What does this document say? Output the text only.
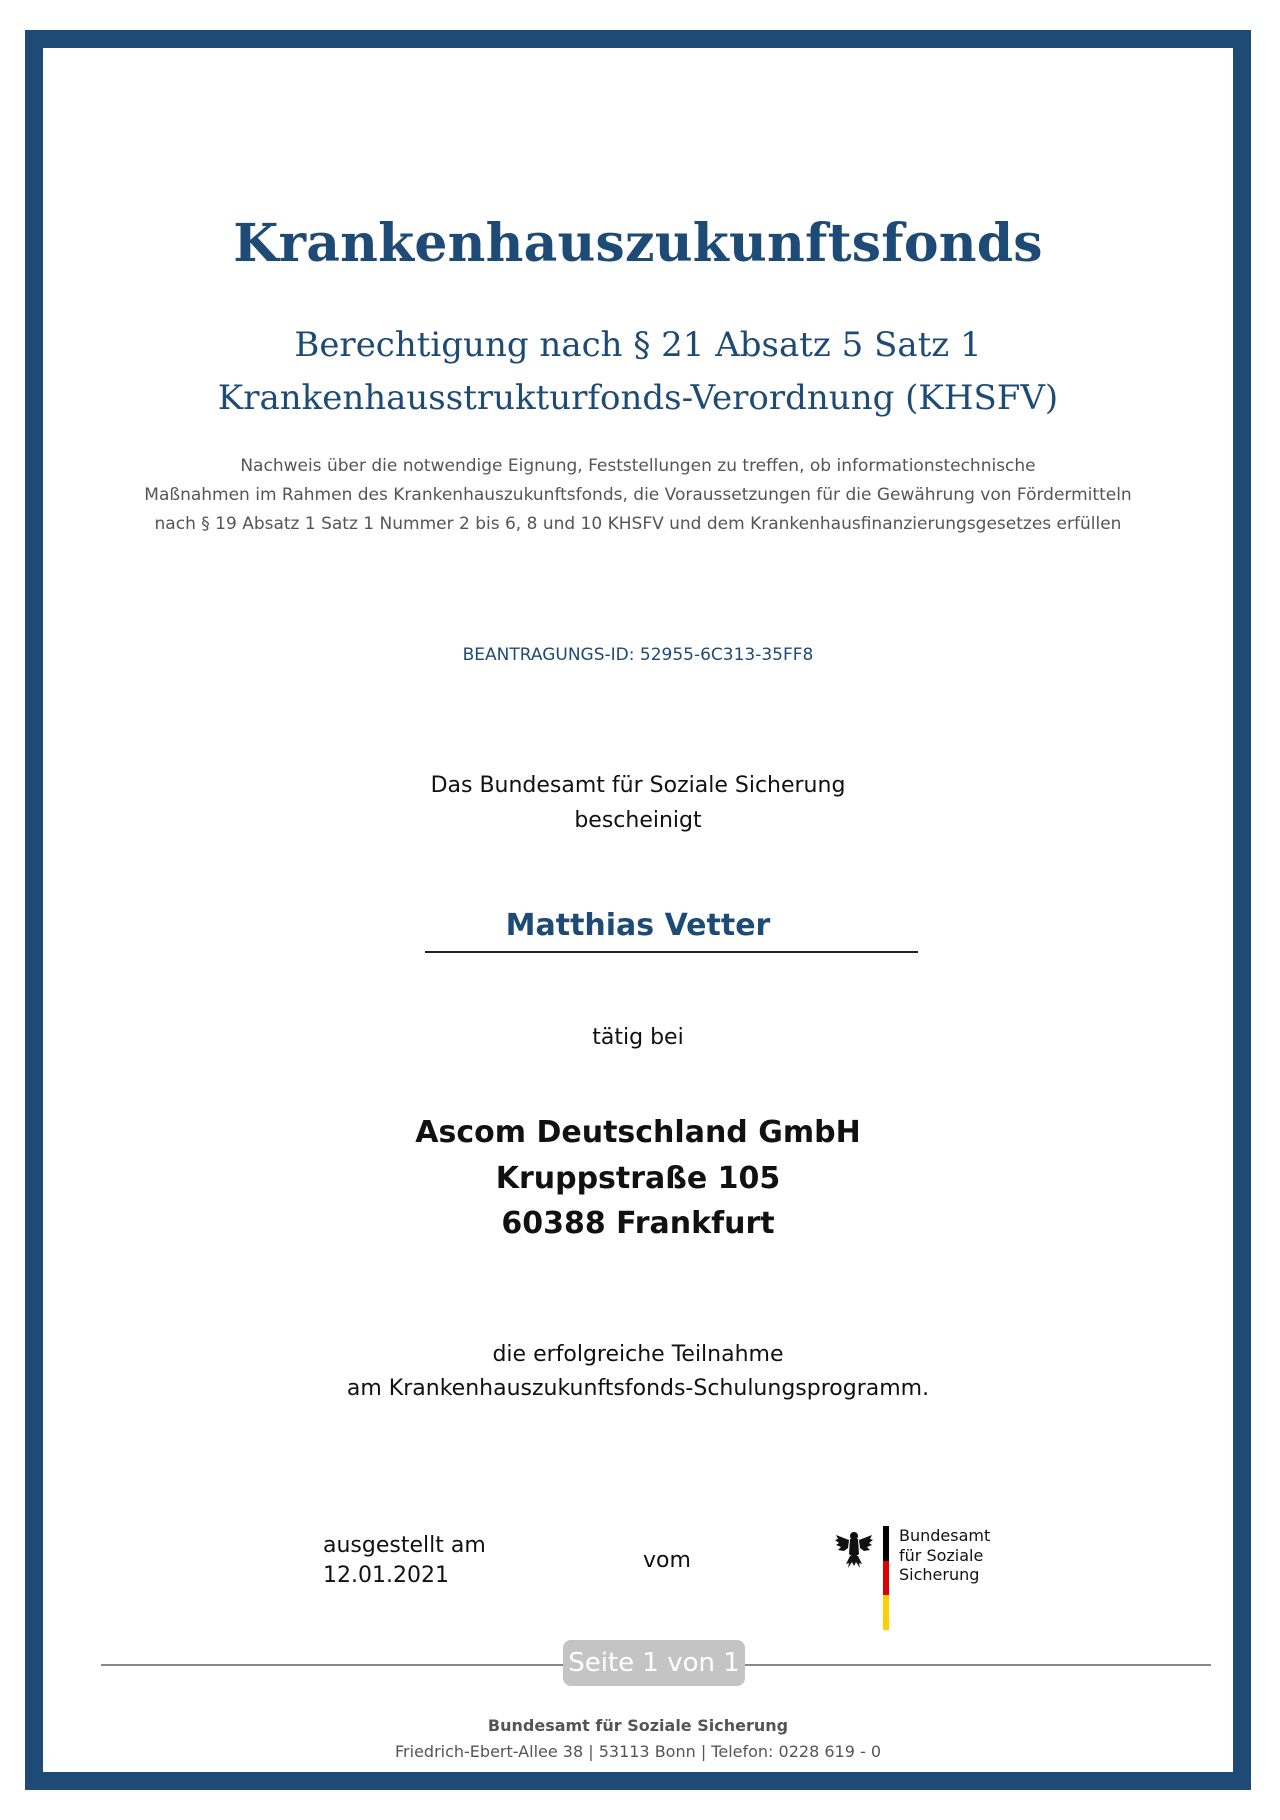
Krankenhauszukunftsfonds
Berechtigung nach § 21 Absatz 5 Satz 1
Krankenhausstrukturfonds-Verordnung (KHSFV)
Nachweis über die notwendige Eignung, Feststellungen zu treffen, ob informationstechnische
Maßnahmen im Rahmen des Krankenhauszukunftsfonds, die Voraussetzungen für die Gewährung von Fördermitteln
nach § 19 Absatz 1 Satz 1 Nummer 2 bis 6, 8 und 10 KHSFV und dem Krankenhausfinanzierungsgesetzes erfüllen
BEANTRAGUNGS-ID: 52955-6C313-35FF8
Das Bundesamt für Soziale Sicherung
bescheinigt
Matthias Vetter
tätig bei
Ascom Deutschland GmbH
Kruppstraße 105
60388 Frankfurt
die erfolgreiche Teilnahme
am Krankenhauszukunftsfonds-Schulungsprogramm.
ausgestellt am
12.01.2021
vom
Bundesamt
für Soziale Sicherung
Seite 1 von 1
Bundesamt für Soziale Sicherung
Friedrich-Ebert-Allee 38 | 53113 Bonn | Telefon: 0228 619 - 0
